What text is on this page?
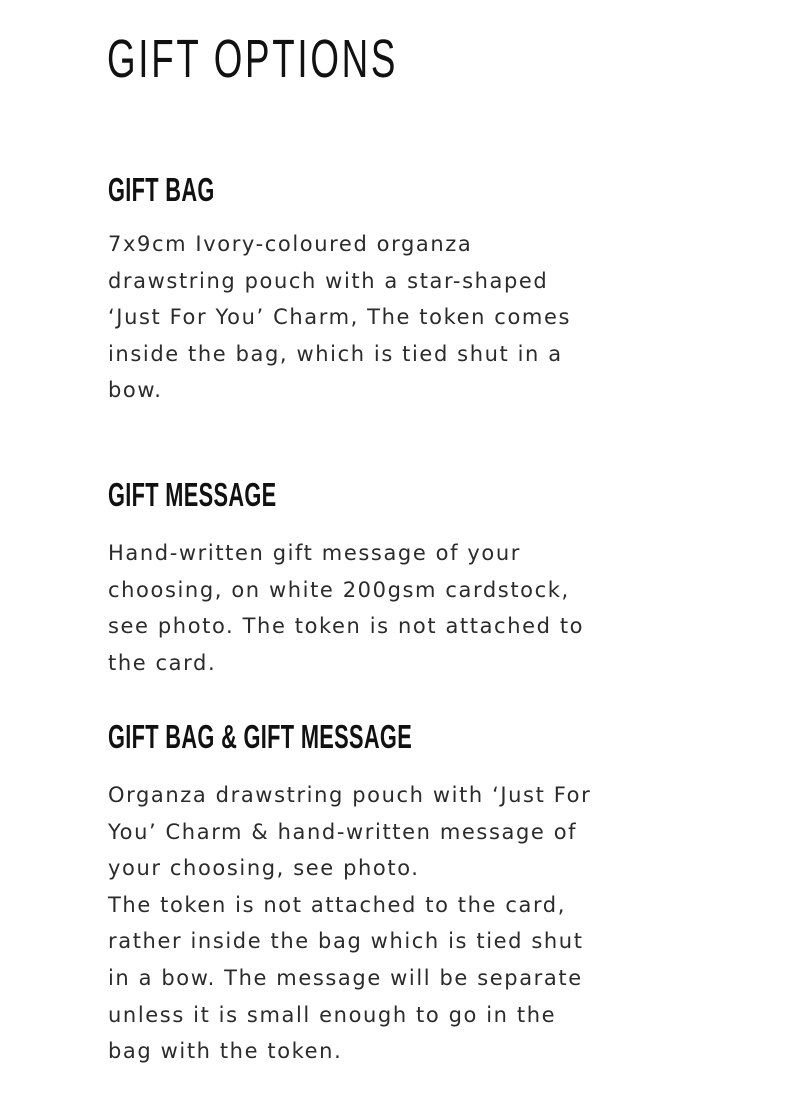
GIFT OPTIONS
GIFT BAG
7x9cm Ivory-coloured organza
drawstring pouch with a star-shaped
‘Just For You’ Charm, The token comes
inside the bag, which is tied shut in a
bow.
GIFT MESSAGE
Hand-written gift message of your
choosing, on white 200gsm cardstock,
see photo. The token is not attached to
the card.
GIFT BAG & GIFT MESSAGE
Organza drawstring pouch with ‘Just For
You’ Charm & hand-written message of
your choosing, see photo.
The token is not attached to the card,
rather inside the bag which is tied shut
in a bow. The message will be separate
unless it is small enough to go in the
bag with the token.
